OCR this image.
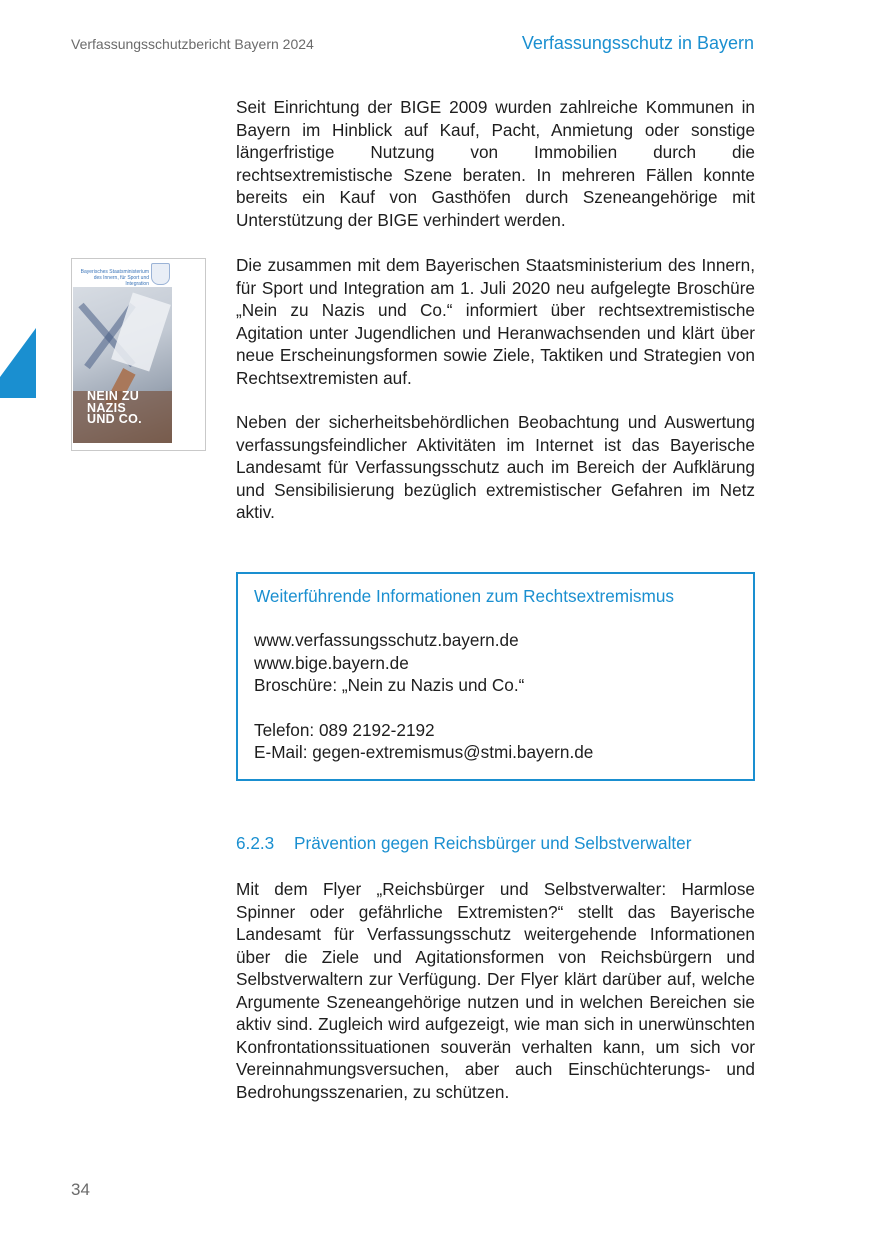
Verfassungsschutzbericht Bayern 2024	Verfassungsschutz in Bayern

Seit Einrichtung der BIGE 2009 wurden zahlreiche Kommunen in Bayern im Hinblick auf Kauf, Pacht, Anmietung oder sonstige längerfristige Nutzung von Immobilien durch die rechtsextremistische Szene beraten. In mehreren Fällen konnte bereits ein Kauf von Gasthöfen durch Szeneangehörige mit Unterstützung der BIGE verhindert werden.

Bayerisches Staatsministerium des Innern, für Sport und Integration
NEIN ZU
NAZIS
UND CO.

Die zusammen mit dem Bayerischen Staatsministerium des Innern, für Sport und Integration am 1. Juli 2020 neu aufgelegte Broschüre „Nein zu Nazis und Co.“ informiert über rechtsextremistische Agitation unter Jugendlichen und Heranwachsenden und klärt über neue Erscheinungsformen sowie Ziele, Taktiken und Strategien von Rechtsextremisten auf.

Neben der sicherheitsbehördlichen Beobachtung und Auswertung verfassungsfeindlicher Aktivitäten im Internet ist das Bayerische Landesamt für Verfassungsschutz auch im Bereich der Aufklärung und Sensibilisierung bezüglich extremistischer Gefahren im Netz aktiv.

Weiterführende Informationen zum Rechtsextremismus

www.verfassungsschutz.bayern.de

www.bige.bayern.de

Broschüre: „Nein zu Nazis und Co.“

Telefon: 089 2192-2192

E-Mail: gegen-extremismus@stmi.bayern.de

6.2.3 Prävention gegen Reichsbürger und Selbstverwalter

Mit dem Flyer „Reichsbürger und Selbstverwalter: Harmlose Spinner oder gefährliche Extremisten?“ stellt das Bayerische Landesamt für Verfassungsschutz weitergehende Informationen über die Ziele und Agitationsformen von Reichsbürgern und Selbstverwaltern zur Verfügung. Der Flyer klärt darüber auf, welche Argumente Szeneangehörige nutzen und in welchen Bereichen sie aktiv sind. Zugleich wird aufgezeigt, wie man sich in unerwünschten Konfrontationssituationen souverän verhalten kann, um sich vor Vereinnahmungsversuchen, aber auch Einschüchterungs- und Bedrohungsszenarien, zu schützen.

34
